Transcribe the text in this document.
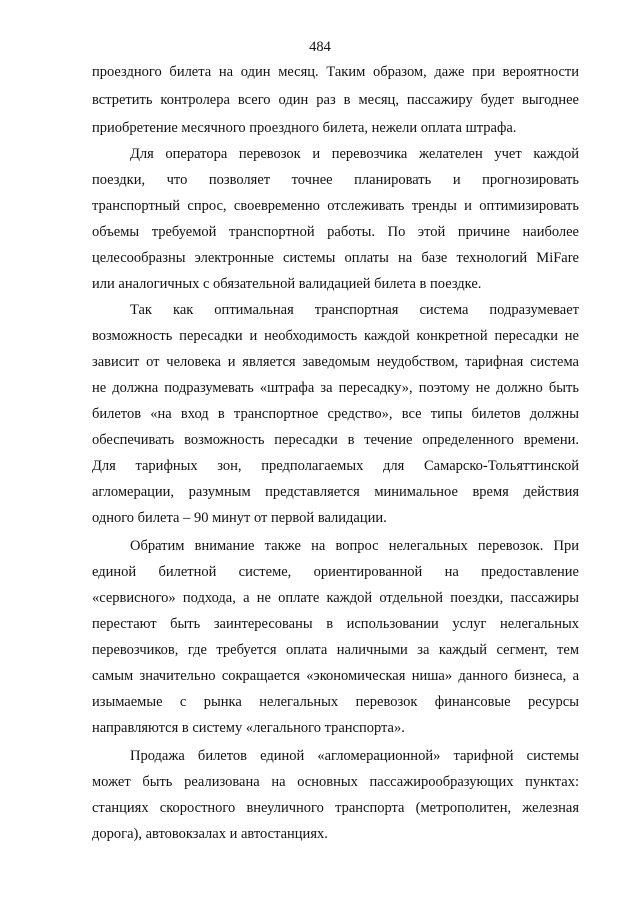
484
проездного билета на один месяц. Таким образом, даже при вероятности
встретить контролера всего один раз в месяц, пассажиру будет выгоднее
приобретение месячного проездного билета, нежели оплата штрафа.
Для оператора перевозок и перевозчика желателен учет каждой
поездки, что позволяет точнее планировать и прогнозировать
транспортный спрос, своевременно отслеживать тренды и оптимизировать
объемы требуемой транспортной работы. По этой причине наиболее
целесообразны электронные системы оплаты на базе технологий MiFare
или аналогичных с обязательной валидацией билета в поездке.
Так как оптимальная транспортная система подразумевает
возможность пересадки и необходимость каждой конкретной пересадки не
зависит от человека и является заведомым неудобством, тарифная система
не должна подразумевать «штрафа за пересадку», поэтому не должно быть
билетов «на вход в транспортное средство», все типы билетов должны
обеспечивать возможность пересадки в течение определенного времени.
Для тарифных зон, предполагаемых для Самарско-Тольяттинской
агломерации, разумным представляется минимальное время действия
одного билета – 90 минут от первой валидации.
Обратим внимание также на вопрос нелегальных перевозок. При
единой билетной системе, ориентированной на предоставление
«сервисного» подхода, а не оплате каждой отдельной поездки, пассажиры
перестают быть заинтересованы в использовании услуг нелегальных
перевозчиков, где требуется оплата наличными за каждый сегмент, тем
самым значительно сокращается «экономическая ниша» данного бизнеса, а
изымаемые с рынка нелегальных перевозок финансовые ресурсы
направляются в систему «легального транспорта».
Продажа билетов единой «агломерационной» тарифной системы
может быть реализована на основных пассажирообразующих пунктах:
станциях скоростного внеуличного транспорта (метрополитен, железная
дорога), автовокзалах и автостанциях.
